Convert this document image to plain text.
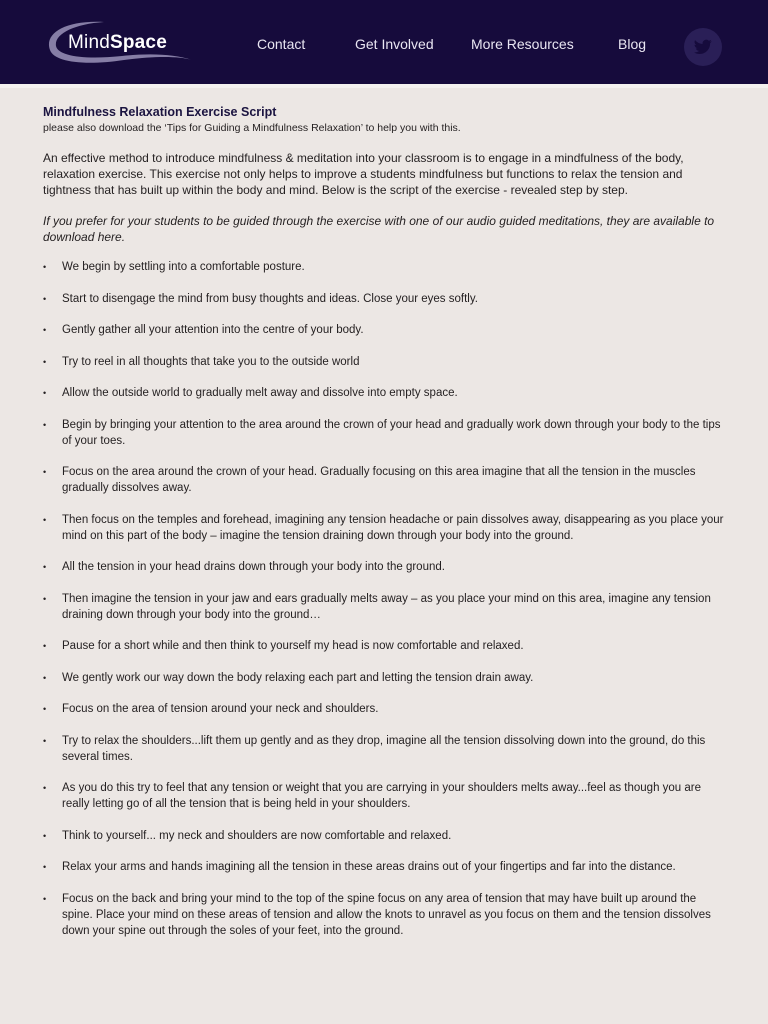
MindSpace	Contact	Get Involved	More Resources	Blog

Mindfulness Relaxation Exercise Script

please also download the ‘Tips for Guiding a Mindfulness Relaxation’ to help you with this.

An effective method to introduce mindfulness & meditation into your classroom is to engage in a mindfulness of the body, relaxation exercise. This exercise not only helps to improve a students mindfulness but functions to relax the tension and tightness that has built up within the body and mind. Below is the script of the exercise - revealed step by step.

If you prefer for your students to be guided through the exercise with one of our audio guided meditations, they are available to download here.

• We begin by settling into a comfortable posture.
• Start to disengage the mind from busy thoughts and ideas. Close your eyes softly.
• Gently gather all your attention into the centre of your body.
• Try to reel in all thoughts that take you to the outside world
• Allow the outside world to gradually melt away and dissolve into empty space.
• Begin by bringing your attention to the area around the crown of your head and gradually work down through your body to the tips of your toes.
• Focus on the area around the crown of your head. Gradually focusing on this area imagine that all the tension in the muscles gradually dissolves away.
• Then focus on the temples and forehead, imagining any tension headache or pain dissolves away, disappearing as you place your mind on this part of the body – imagine the tension draining down through your body into the ground.
• All the tension in your head drains down through your body into the ground.
• Then imagine the tension in your jaw and ears gradually melts away – as you place your mind on this area, imagine any tension draining down through your body into the ground…
• Pause for a short while and then think to yourself my head is now comfortable and relaxed.
• We gently work our way down the body relaxing each part and letting the tension drain away.
• Focus on the area of tension around your neck and shoulders.
• Try to relax the shoulders...lift them up gently and as they drop, imagine all the tension dissolving down into the ground, do this several times.
• As you do this try to feel that any tension or weight that you are carrying in your shoulders melts away...feel as though you are really letting go of all the tension that is being held in your shoulders.
• Think to yourself... my neck and shoulders are now comfortable and relaxed.
• Relax your arms and hands imagining all the tension in these areas drains out of your fingertips and far into the distance.
• Focus on the back and bring your mind to the top of the spine focus on any area of tension that may have built up around the spine. Place your mind on these areas of tension and allow the knots to unravel as you focus on them and the tension dissolves down your spine out through the soles of your feet, into the ground.
